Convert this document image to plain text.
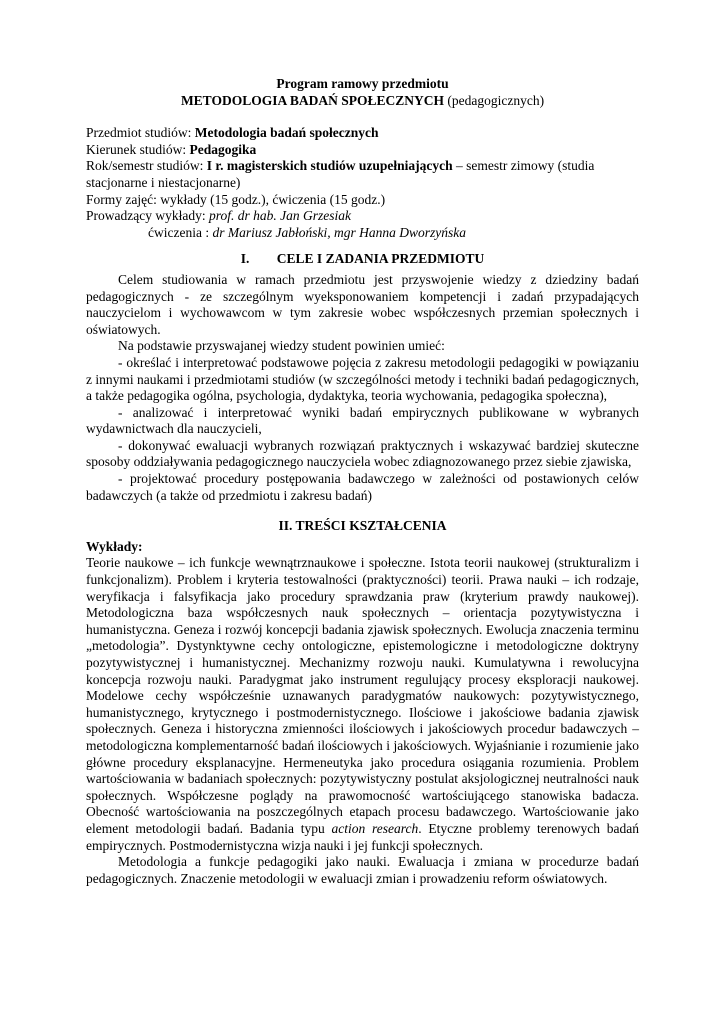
Program ramowy przedmiotu
METODOLOGIA BADAŃ SPOŁECZNYCH (pedagogicznych)
Przedmiot studiów: Metodologia badań społecznych
Kierunek studiów: Pedagogika
Rok/semestr studiów: I r. magisterskich studiów uzupełniających – semestr zimowy (studia stacjonarne i niestacjonarne)
Formy zajęć: wykłady (15 godz.), ćwiczenia (15 godz.)
Prowadzący wykłady: prof. dr hab. Jan Grzesiak
ćwiczenia : dr Mariusz Jabłoński, mgr Hanna Dworzyńska
I. CELE I ZADANIA PRZEDMIOTU
Celem studiowania w ramach przedmiotu jest przyswojenie wiedzy z dziedziny badań pedagogicznych - ze szczególnym wyeksponowaniem kompetencji i zadań przypadających nauczycielom i wychowawcom w tym zakresie wobec współczesnych przemian społecznych i oświatowych.
Na podstawie przyswajanej wiedzy student powinien umieć:
- określać i interpretować podstawowe pojęcia z zakresu metodologii pedagogiki w powiązaniu z innymi naukami i przedmiotami studiów (w szczególności metody i techniki badań pedagogicznych, a także pedagogika ogólna, psychologia, dydaktyka, teoria wychowania, pedagogika społeczna),
- analizować i interpretować wyniki badań empirycznych publikowane w wybranych wydawnictwach dla nauczycieli,
- dokonywać ewaluacji wybranych rozwiązań praktycznych i wskazywać bardziej skuteczne sposoby oddziaływania pedagogicznego nauczyciela wobec zdiagnozowanego przez siebie zjawiska,
- projektować procedury postępowania badawczego w zależności od postawionych celów badawczych (a także od przedmiotu i zakresu badań)
II. TREŚCI KSZTAŁCENIA
Wykłady:
Teorie naukowe – ich funkcje wewnątrznaukowe i społeczne. Istota teorii naukowej (strukturalizm i funkcjonalizm). Problem i kryteria testowalności (praktyczności) teorii. Prawa nauki – ich rodzaje, weryfikacja i falsyfikacja jako procedury sprawdzania praw (kryterium prawdy naukowej). Metodologiczna baza współczesnych nauk społecznych – orientacja pozytywistyczna i humanistyczna. Geneza i rozwój koncepcji badania zjawisk społecznych. Ewolucja znaczenia terminu „metodologia”. Dystynktywne cechy ontologiczne, epistemologiczne i metodologiczne doktryny pozytywistycznej i humanistycznej. Mechanizmy rozwoju nauki. Kumulatywna i rewolucyjna koncepcja rozwoju nauki. Paradygmat jako instrument regulujący procesy eksploracji naukowej. Modelowe cechy współcześnie uznawanych paradygmatów naukowych: pozytywistycznego, humanistycznego, krytycznego i postmodernistycznego. Ilościowe i jakościowe badania zjawisk społecznych. Geneza i historyczna zmienności ilościowych i jakościowych procedur badawczych – metodologiczna komplementarność badań ilościowych i jakościowych. Wyjaśnianie i rozumienie jako główne procedury eksplanacyjne. Hermeneutyka jako procedura osiągania rozumienia. Problem wartościowania w badaniach społecznych: pozytywistyczny postulat aksjologicznej neutralności nauk społecznych. Współczesne poglądy na prawomocność wartościującego stanowiska badacza. Obecność wartościowania na poszczególnych etapach procesu badawczego. Wartościowanie jako element metodologii badań. Badania typu action research. Etyczne problemy terenowych badań empirycznych. Postmodernistyczna wizja nauki i jej funkcji społecznych.
Metodologia a funkcje pedagogiki jako nauki. Ewaluacja i zmiana w procedurze badań pedagogicznych. Znaczenie metodologii w ewaluacji zmian i prowadzeniu reform oświatowych.
